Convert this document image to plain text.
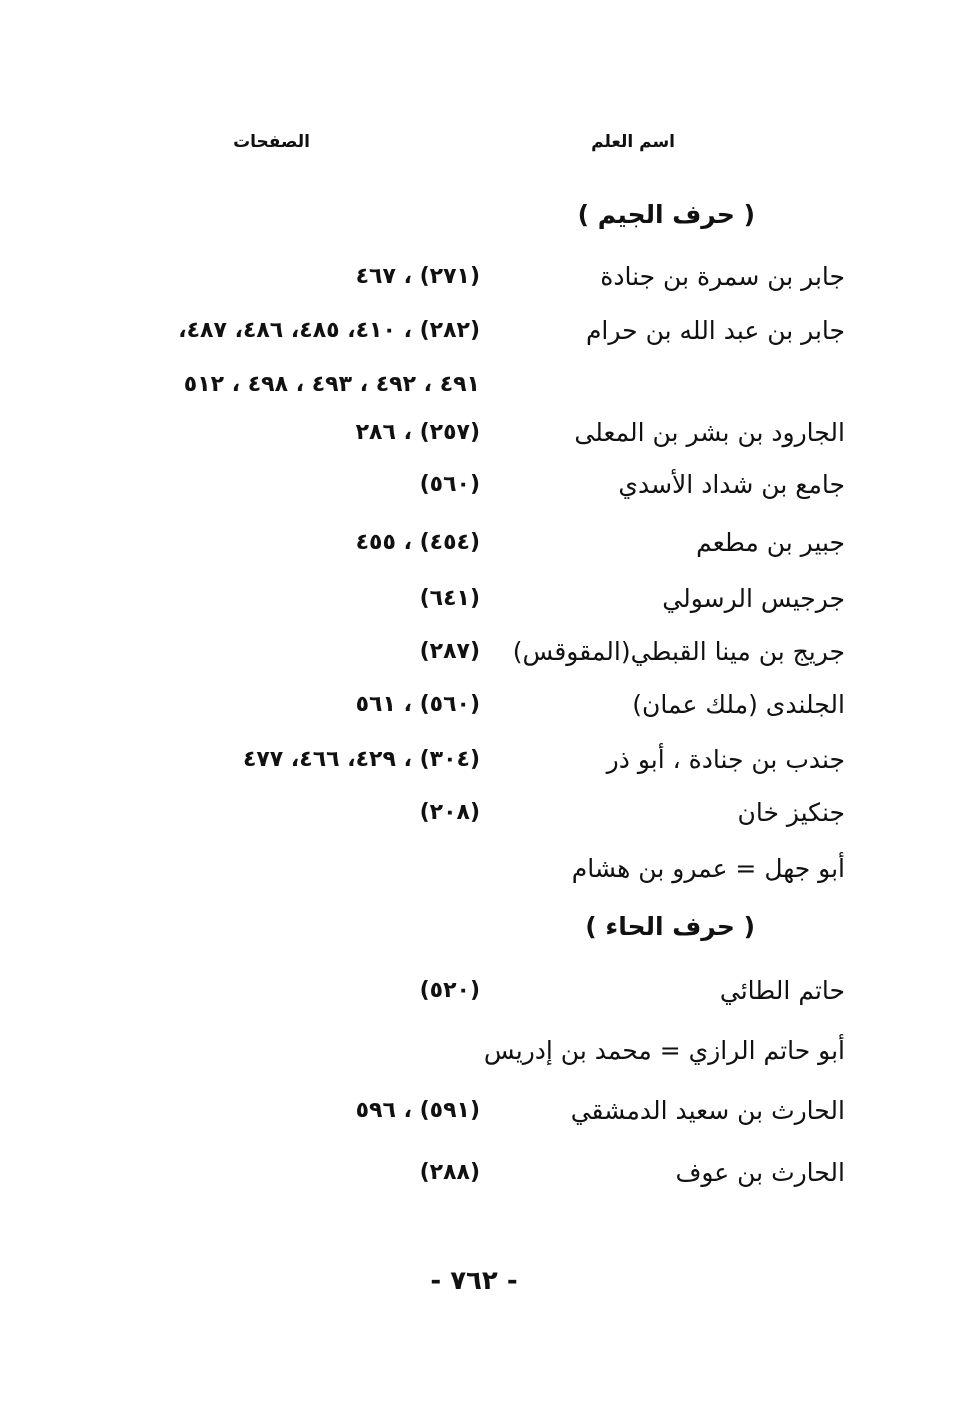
اسم العلم
الصفحات
( حرف الجيم )
جابر بن سمرة بن جنادة
(٢٧١) ، ٤٦٧
جابر بن عبد الله بن حرام
(٢٨٢) ، ٤١٠، ٤٨٥، ٤٨٦، ٤٨٧،
٤٩١ ، ٤٩٢ ، ٤٩٣ ، ٤٩٨ ، ٥١٢
الجارود بن بشر بن المعلى
(٢٥٧) ، ٢٨٦
جامع بن شداد الأسدي
(٥٦٠)
جبير بن مطعم
(٤٥٤) ، ٤٥٥
جرجيس الرسولي
(٦٤١)
جريج بن مينا القبطي(المقوقس)
(٢٨٧)
الجلندى (ملك عمان)
(٥٦٠) ، ٥٦١
جندب بن جنادة ، أبو ذر
(٣٠٤) ، ٤٢٩، ٤٦٦، ٤٧٧
جنكيز خان
(٢٠٨)
أبو جهل = عمرو بن هشام
( حرف الحاء )
حاتم الطائي
(٥٢٠)
أبو حاتم الرازي = محمد بن إدريس
الحارث بن سعيد الدمشقي
(٥٩١) ، ٥٩٦
الحارث بن عوف
(٢٨٨)
- ٧٦٢ -
